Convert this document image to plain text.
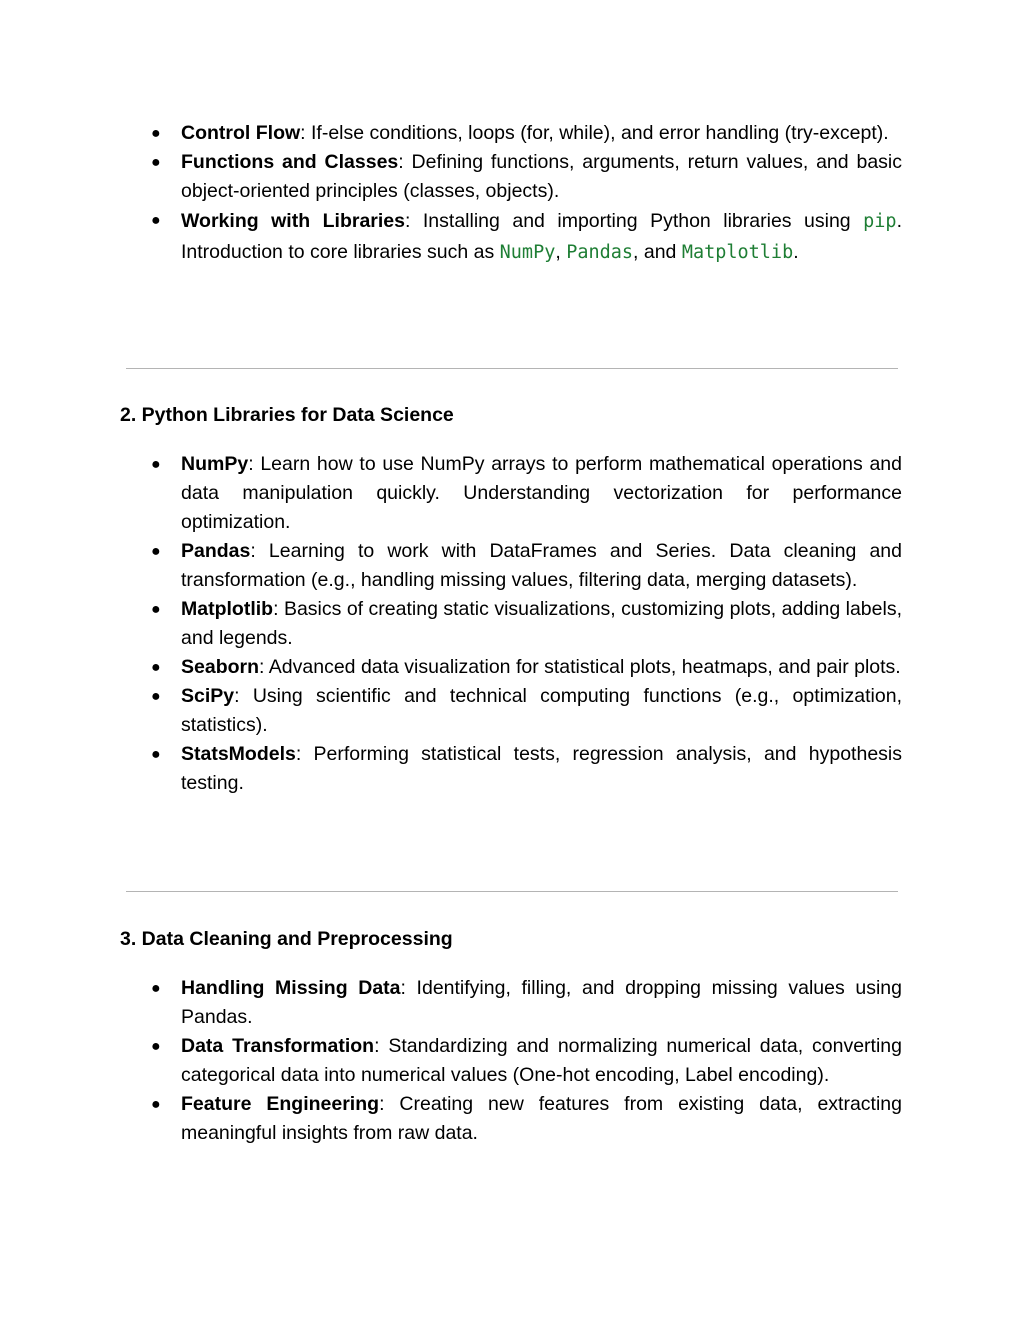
● Control Flow: If-else conditions, loops (for, while), and error handling (try-except).
● Functions and Classes: Defining functions, arguments, return values, and basic object-oriented principles (classes, objects).
● Working with Libraries: Installing and importing Python libraries using pip. Introduction to core libraries such as NumPy, Pandas, and Matplotlib.
2. Python Libraries for Data Science
● NumPy: Learn how to use NumPy arrays to perform mathematical operations and data manipulation quickly. Understanding vectorization for performance optimization.
● Pandas: Learning to work with DataFrames and Series. Data cleaning and transformation (e.g., handling missing values, filtering data, merging datasets).
● Matplotlib: Basics of creating static visualizations, customizing plots, adding labels, and legends.
● Seaborn: Advanced data visualization for statistical plots, heatmaps, and pair plots.
● SciPy: Using scientific and technical computing functions (e.g., optimization, statistics).
● StatsModels: Performing statistical tests, regression analysis, and hypothesis testing.
3. Data Cleaning and Preprocessing
● Handling Missing Data: Identifying, filling, and dropping missing values using Pandas.
● Data Transformation: Standardizing and normalizing numerical data, converting categorical data into numerical values (One-hot encoding, Label encoding).
● Feature Engineering: Creating new features from existing data, extracting meaningful insights from raw data.
